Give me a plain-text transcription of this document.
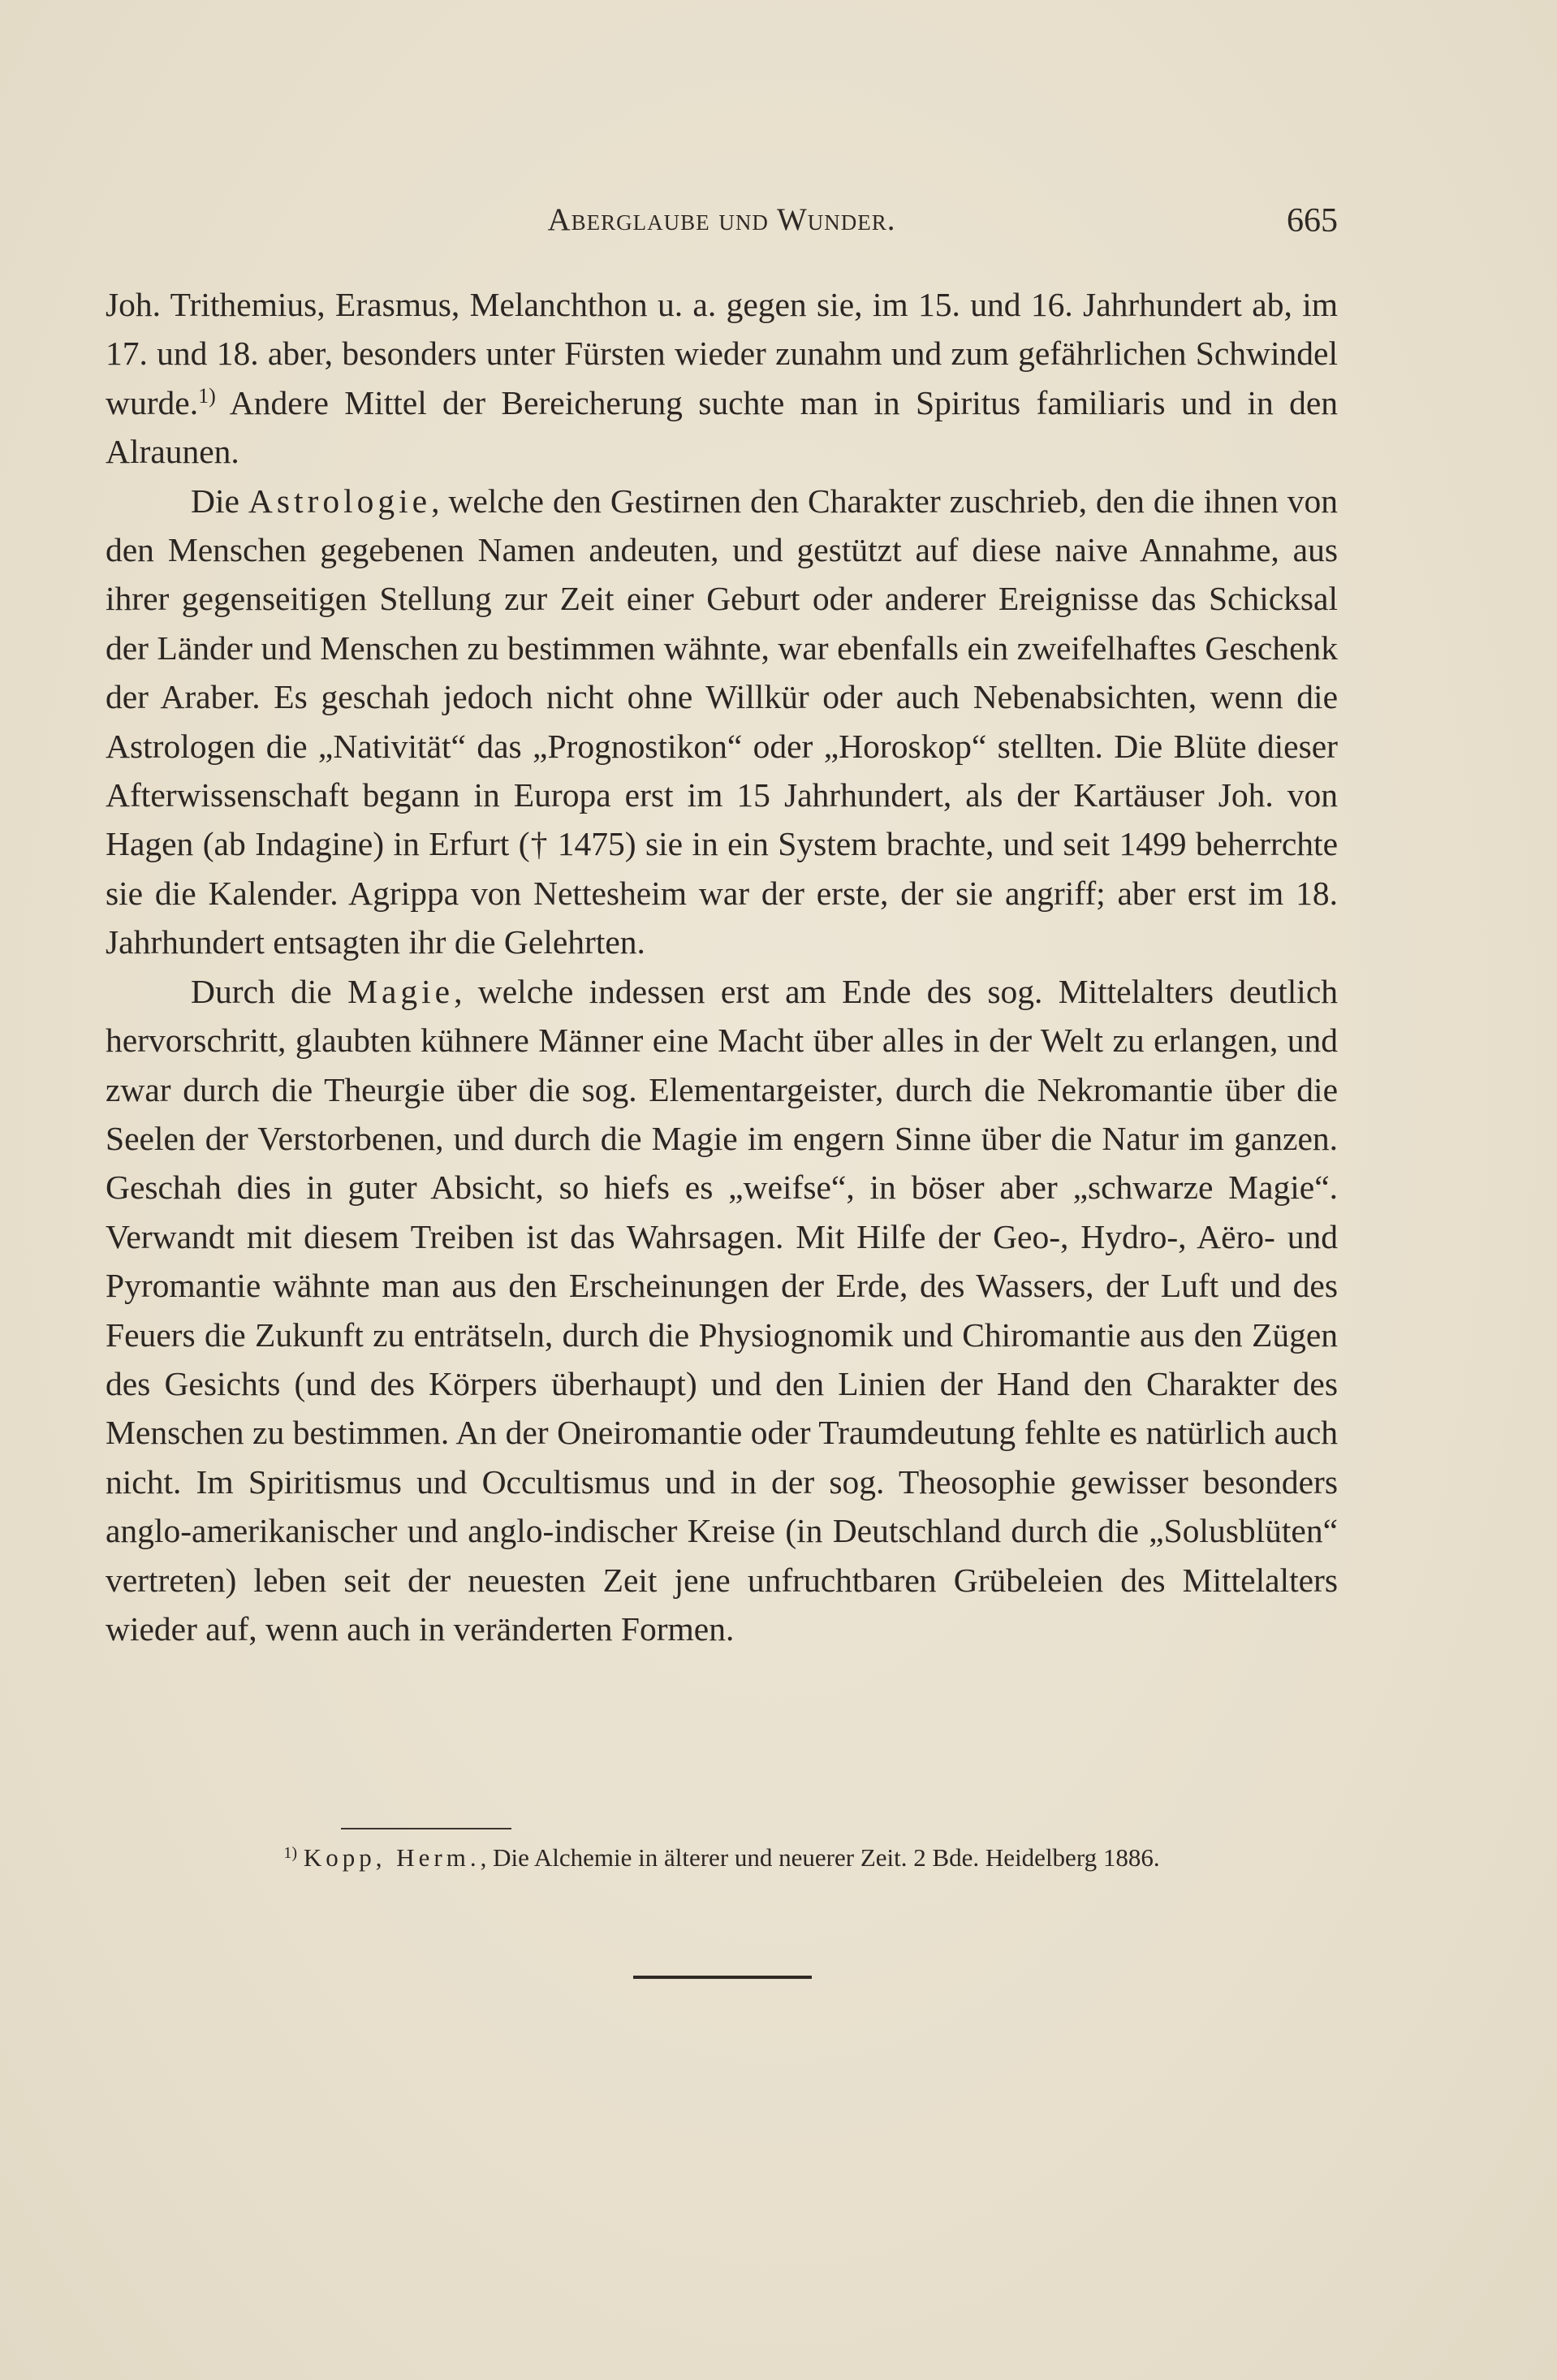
Aberglaube und Wunder.	665

Joh. Trithemius, Erasmus, Melanchthon u. a. gegen sie, im 15. und 16. Jahrhundert ab, im 17. und 18. aber, besonders unter Fürsten wieder zunahm und zum gefährlichen Schwindel wurde.$^{1)}$ Andere Mittel der Bereicherung suchte man in Spiritus familiaris und in den Alraunen.

Die Astrologie, welche den Gestirnen den Charakter zuschrieb, den die ihnen von den Menschen gegebenen Namen andeuten, und gestützt auf diese naive Annahme, aus ihrer gegenseitigen Stellung zur Zeit einer Geburt oder anderer Ereignisse das Schicksal der Länder und Menschen zu bestimmen wähnte, war ebenfalls ein zweifelhaftes Geschenk der Araber. Es geschah jedoch nicht ohne Willkür oder auch Nebenabsichten, wenn die Astrologen die „Nativität“ das „Prognostikon“ oder „Horoskop“ stellten. Die Blüte dieser Afterwissenschaft begann in Europa erst im 15 Jahrhundert, als der Kartäuser Joh. von Hagen (ab Indagine) in Erfurt († 1475) sie in ein System brachte, und seit 1499 beherrchte sie die Kalender. Agrippa von Nettesheim war der erste, der sie angriff; aber erst im 18. Jahrhundert entsagten ihr die Gelehrten.

Durch die Magie, welche indessen erst am Ende des sog. Mittelalters deutlich hervorschritt, glaubten kühnere Männer eine Macht über alles in der Welt zu erlangen, und zwar durch die Theurgie über die sog. Elementargeister, durch die Nekromantie über die Seelen der Verstorbenen, und durch die Magie im engern Sinne über die Natur im ganzen. Geschah dies in guter Absicht, so hiefs es „weifse“, in böser aber „schwarze Magie“. Verwandt mit diesem Treiben ist das Wahrsagen. Mit Hilfe der Geo-, Hydro-, Aëro- und Pyromantie wähnte man aus den Erscheinungen der Erde, des Wassers, der Luft und des Feuers die Zukunft zu enträtseln, durch die Physiognomik und Chiromantie aus den Zügen des Gesichts (und des Körpers überhaupt) und den Linien der Hand den Charakter des Menschen zu bestimmen. An der Oneiromantie oder Traumdeutung fehlte es natürlich auch nicht. Im Spiritismus und Occultismus und in der sog. Theosophie gewisser besonders anglo-amerikanischer und anglo-indischer Kreise (in Deutschland durch die „Solusblüten“ vertreten) leben seit der neuesten Zeit jene unfruchtbaren Grübeleien des Mittelalters wieder auf, wenn auch in veränderten Formen.

$^{1)}$ Kopp, Herm., Die Alchemie in älterer und neuerer Zeit. 2 Bde. Heidelberg 1886.
